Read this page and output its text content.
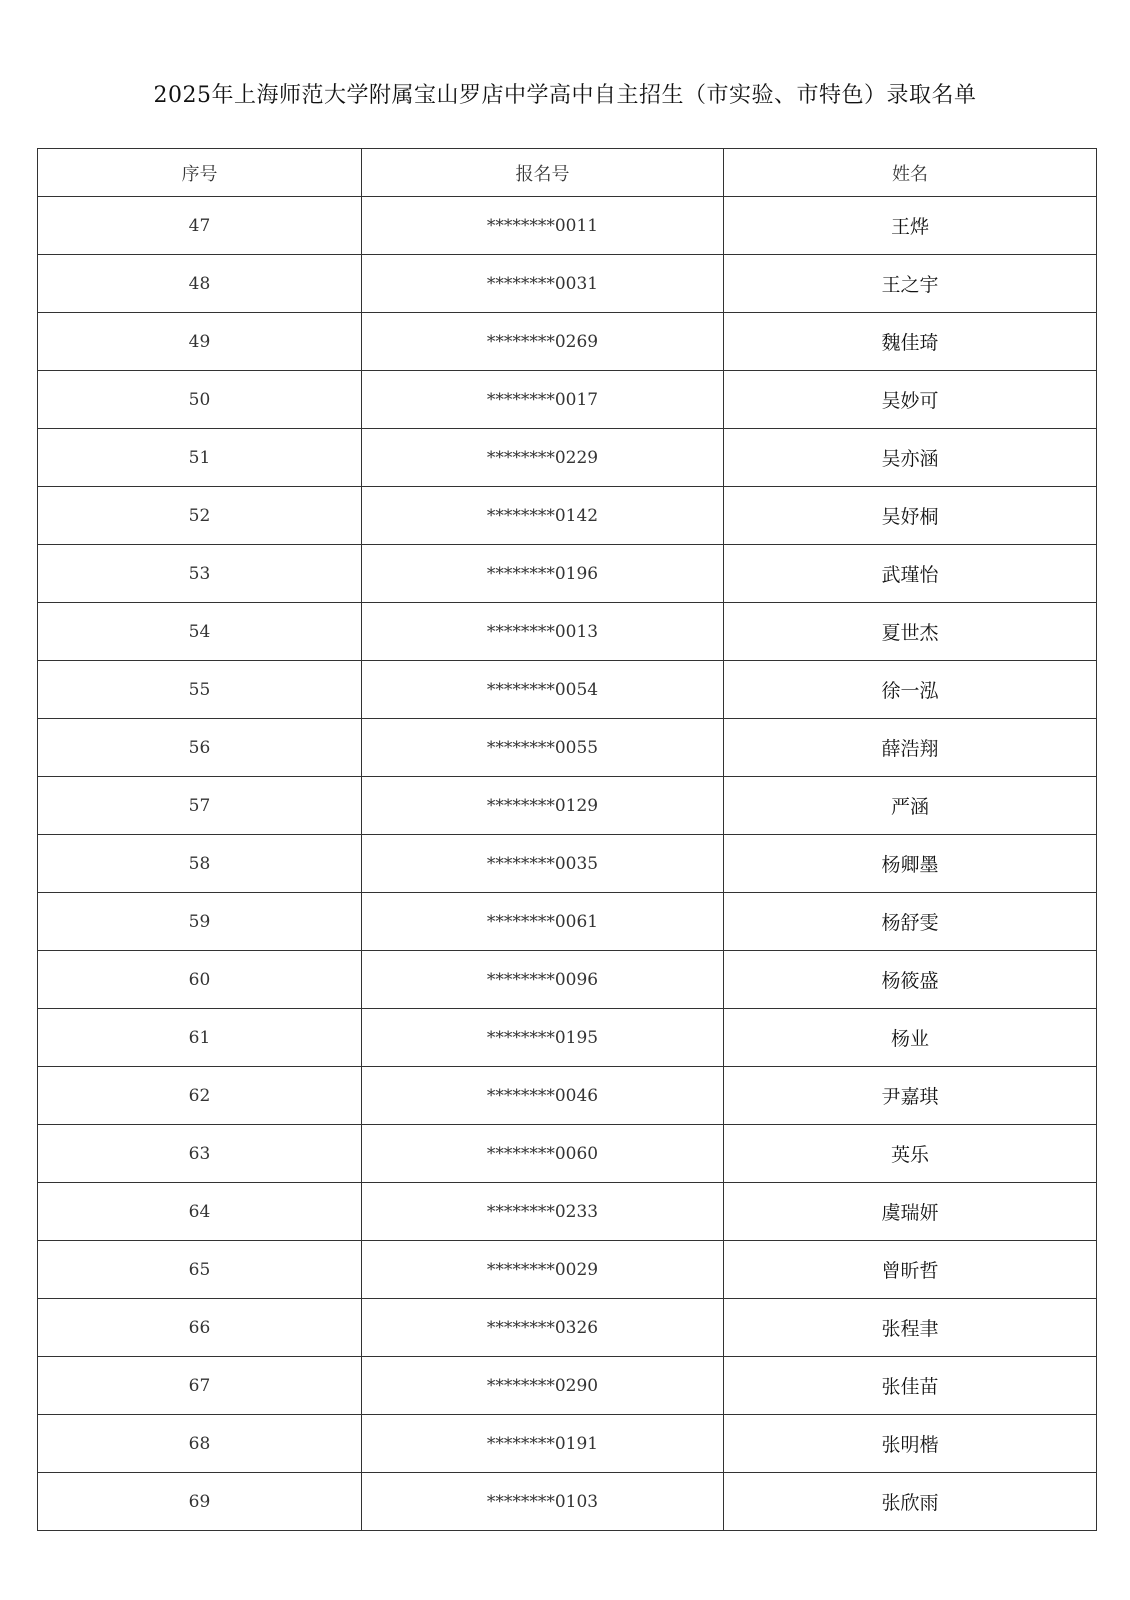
2025年上海师范大学附属宝山罗店中学高中自主招生（市实验、市特色）录取名单
序号	报名号	姓名
47	********0011	王烨
48	********0031	王之宇
49	********0269	魏佳琦
50	********0017	吴妙可
51	********0229	吴亦涵
52	********0142	吴妤桐
53	********0196	武瑾怡
54	********0013	夏世杰
55	********0054	徐一泓
56	********0055	薛浩翔
57	********0129	严涵
58	********0035	杨卿墨
59	********0061	杨舒雯
60	********0096	杨筱盛
61	********0195	杨业
62	********0046	尹嘉琪
63	********0060	英乐
64	********0233	虞瑞妍
65	********0029	曾昕哲
66	********0326	张程聿
67	********0290	张佳苗
68	********0191	张明楷
69	********0103	张欣雨
